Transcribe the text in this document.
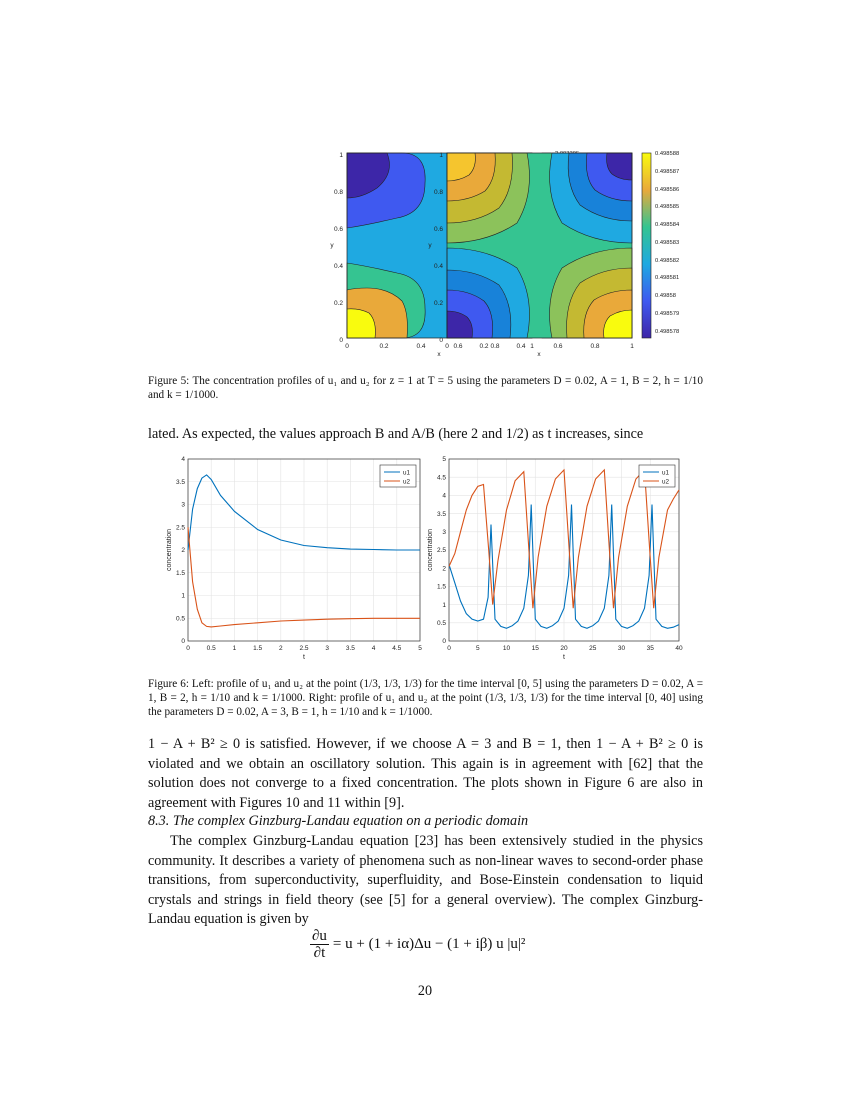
0
0.2
0.4
0.6
0.8
1
0	0.2	0.4	0.6	0.8	1
x
y
0
0.2
0.4
0.6
0.8
1
0	0.2	0.4	0.6	0.8	1
x
y
0.498588
0.498587
0.498586
0.498585
0.498584
0.498583
0.498582
0.498581
0.49858
0.498579
0.498578
Figure 5: The concentration profiles of u₁ and u₂ for z = 1 at T = 5 using the parameters D = 0.02, A = 1, B = 2, h = 1/10 and k = 1/1000.
lated. As expected, the values approach B and A/B (here 2 and 1/2) as t increases, since
0	0.5	1	1.5	2	2.5	3	3.5	4	4.5	5
0
0.5
1
1.5
2
2.5
3
3.5
4
t
concentration
u1
u2
0	5	10	15	20	25	30	35	40
0
0.5
1
1.5
2
2.5
3
3.5
4
4.5
5
t
concentration
u1
u2
Figure 6: Left: profile of u₁ and u₂ at the point (1/3, 1/3, 1/3) for the time interval [0, 5] using the parameters D = 0.02, A = 1, B = 2, h = 1/10 and k = 1/1000. Right: profile of u₁ and u₂ at the point (1/3, 1/3, 1/3) for the time interval [0, 40] using the parameters D = 0.02, A = 3, B = 1, h = 1/10 and k = 1/1000.
1 − A + B² ≥ 0 is satisfied. However, if we choose A = 3 and B = 1, then 1 − A + B² ≥ 0 is violated and we obtain an oscillatory solution. This again is in agreement with [62] that the solution does not converge to a fixed concentration. The plots shown in Figure 6 are also in agreement with Figures 10 and 11 within [9].
8.3. The complex Ginzburg-Landau equation on a periodic domain
The complex Ginzburg-Landau equation [23] has been extensively studied in the physics community. It describes a variety of phenomena such as non-linear waves to second-order phase transitions, from superconductivity, superfluidity, and Bose-Einstein condensation to liquid crystals and strings in field theory (see [5] for a general overview). The complex Ginzburg-Landau equation is given by
$\frac{\partial u}{\partial t} = u + (1 + i\alpha)\Delta u - (1 + i\beta)$ u |u|²
20
